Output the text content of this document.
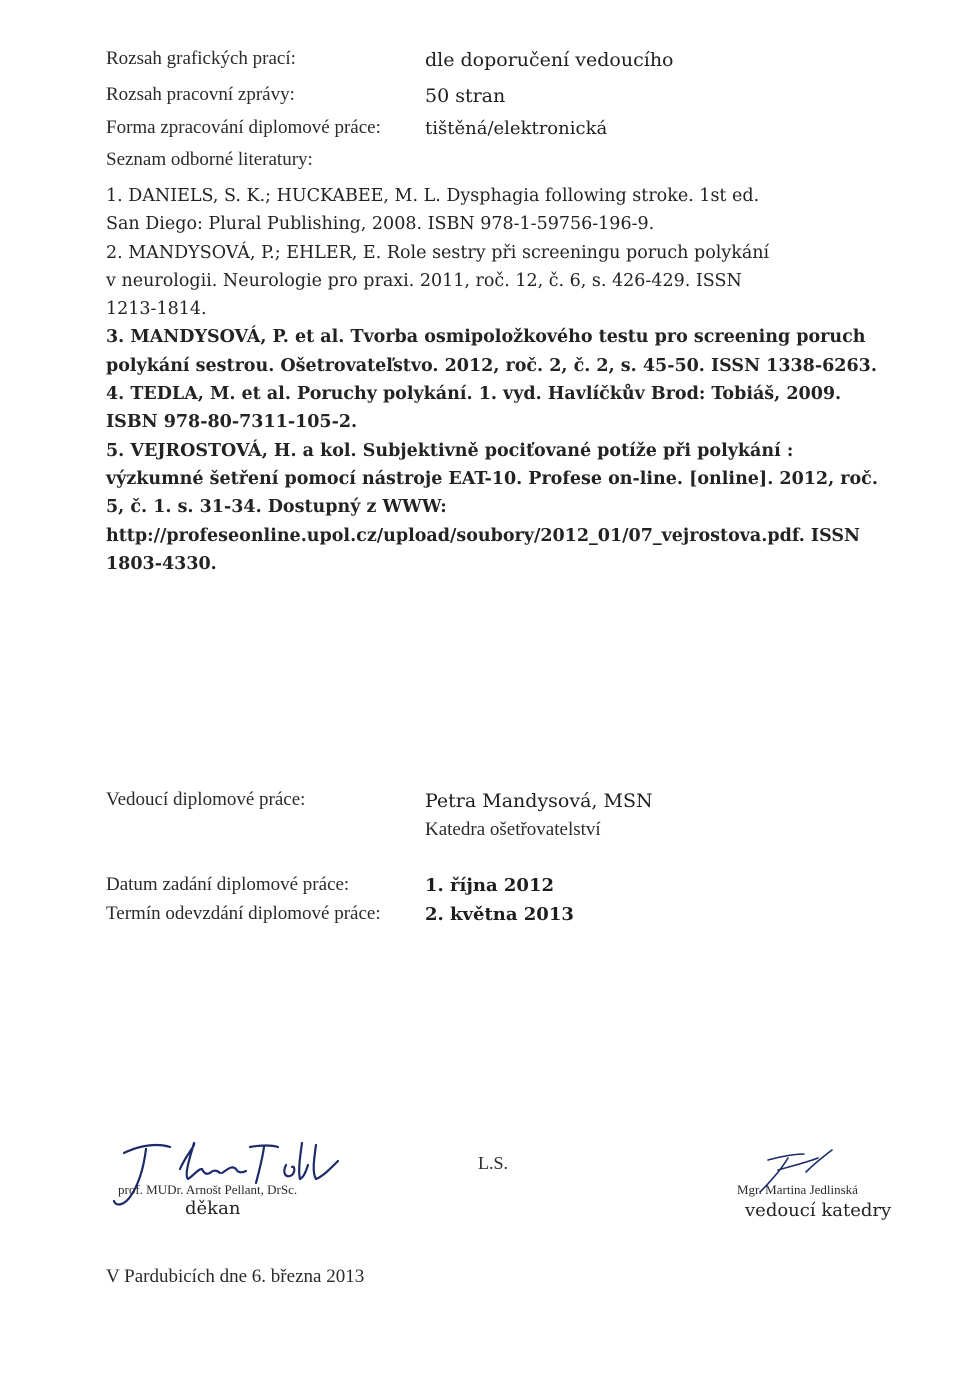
Rozsah grafických prací:	dle doporučení vedoucího
Rozsah pracovní zprávy:	50 stran
Forma zpracování diplomové práce: tištěná/elektronická
Seznam odborné literatury:
1. DANIELS, S. K.; HUCKABEE, M. L. Dysphagia following stroke. 1st ed.
San Diego: Plural Publishing, 2008. ISBN 978-1-59756-196-9.
2. MANDYSOVÁ, P.; EHLER, E. Role sestry při screeningu poruch polykání
v neurologii. Neurologie pro praxi. 2011, roč. 12, č. 6, s. 426-429. ISSN
1213-1814.
3. MANDYSOVÁ, P. et al. Tvorba osmipoložkového testu pro screening poruch
polykání sestrou. Ošetrovateľstvo. 2012, roč. 2, č. 2, s. 45-50. ISSN 1338-6263.
4. TEDLA, M. et al. Poruchy polykání. 1. vyd. Havlíčkův Brod: Tobiáš, 2009.
ISBN 978-80-7311-105-2.
5. VEJROSTOVÁ, H. a kol. Subjektivně pociťované potíže při polykání :
výzkumné šetření pomocí nástroje EAT-10. Profese on-line. [online]. 2012, roč.
5, č. 1. s. 31-34. Dostupný z WWW:
http://profeseonline.upol.cz/upload/soubory/2012_01/07_vejrostova.pdf. ISSN
1803-4330.
Vedoucí diplomové práce:	Petra Mandysová, MSN
Katedra ošetřovatelství
Datum zadání diplomové práce:	1. října 2012
Termín odevzdání diplomové práce: 2. května 2013
prof. MUDr. Arnošt Pellant, DrSc.
děkan
L.S.
Mgr. Martina Jedlinská
vedoucí katedry
V Pardubicích dne 6. března 2013
